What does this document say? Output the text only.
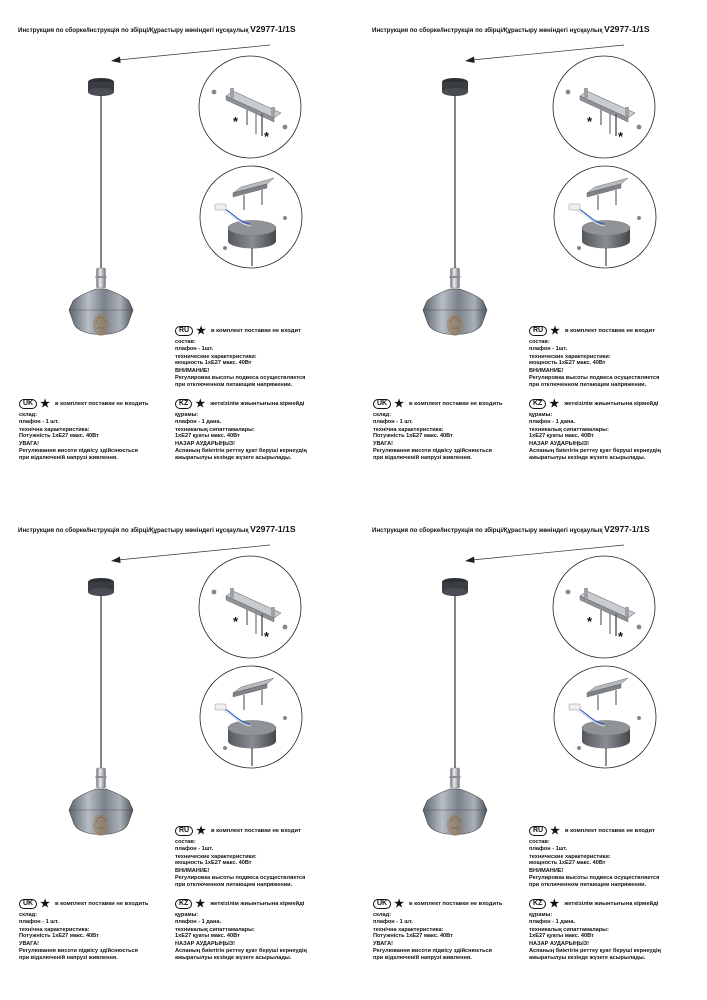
Инструкция по сборке/Інструкція по збірці/Құрастыру жөніндегі нұсқаулық V2977-1/1S
*
*
RU ★ в комплект поставки не входит
состав:
плафон - 1шт.
технические характеристики:
мощность 1хЕ27 макс. 40Вт
ВНИМАНИЕ!
Регулировка высоты подвеса осуществляется
при отключенном питающем напряжении.
UK ★ в комплект поставки не входить
склад:
плафон - 1 шт.
технічна характеристика:
Потужність 1хЕ27 макс. 40Вт
УВАГА!
Регулювання висоти підвісу здійснюється
при відключеній напрузі живлення.
KZ ★ жеткізілім жиынтығына кірмейді
құрамы:
плафон - 1 дана.
техникалық сипаттамалары:
1хЕ27 қуаты макс. 40Вт
НАЗАР АУДАРЫҢЫЗ!
Аспаның биіктігін реттеу қуат беруші кернеудің
ажыратылуы кезінде жүзеге асырылады.
Инструкция по сборке/Інструкція по збірці/Құрастыру жөніндегі нұсқаулық V2977-1/1S
*
*
RU ★ в комплект поставки не входит
состав:
плафон - 1шт.
технические характеристики:
мощность 1хЕ27 макс. 40Вт
ВНИМАНИЕ!
Регулировка высоты подвеса осуществляется
при отключенном питающем напряжении.
UK ★ в комплект поставки не входить
склад:
плафон - 1 шт.
технічна характеристика:
Потужність 1хЕ27 макс. 40Вт
УВАГА!
Регулювання висоти підвісу здійснюється
при відключеній напрузі живлення.
KZ ★ жеткізілім жиынтығына кірмейді
құрамы:
плафон - 1 дана.
техникалық сипаттамалары:
1хЕ27 қуаты макс. 40Вт
НАЗАР АУДАРЫҢЫЗ!
Аспаның биіктігін реттеу қуат беруші кернеудің
ажыратылуы кезінде жүзеге асырылады.
Инструкция по сборке/Інструкція по збірці/Құрастыру жөніндегі нұсқаулық V2977-1/1S
*
*
RU ★ в комплект поставки не входит
состав:
плафон - 1шт.
технические характеристики:
мощность 1хЕ27 макс. 40Вт
ВНИМАНИЕ!
Регулировка высоты подвеса осуществляется
при отключенном питающем напряжении.
UK ★ в комплект поставки не входить
склад:
плафон - 1 шт.
технічна характеристика:
Потужність 1хЕ27 макс. 40Вт
УВАГА!
Регулювання висоти підвісу здійснюється
при відключеній напрузі живлення.
KZ ★ жеткізілім жиынтығына кірмейді
құрамы:
плафон - 1 дана.
техникалық сипаттамалары:
1хЕ27 қуаты макс. 40Вт
НАЗАР АУДАРЫҢЫЗ!
Аспаның биіктігін реттеу қуат беруші кернеудің
ажыратылуы кезінде жүзеге асырылады.
Инструкция по сборке/Інструкція по збірці/Құрастыру жөніндегі нұсқаулық V2977-1/1S
*
*
RU ★ в комплект поставки не входит
состав:
плафон - 1шт.
технические характеристики:
мощность 1хЕ27 макс. 40Вт
ВНИМАНИЕ!
Регулировка высоты подвеса осуществляется
при отключенном питающем напряжении.
UK ★ в комплект поставки не входить
склад:
плафон - 1 шт.
технічна характеристика:
Потужність 1хЕ27 макс. 40Вт
УВАГА!
Регулювання висоти підвісу здійснюється
при відключеній напрузі живлення.
KZ ★ жеткізілім жиынтығына кірмейді
құрамы:
плафон - 1 дана.
техникалық сипаттамалары:
1хЕ27 қуаты макс. 40Вт
НАЗАР АУДАРЫҢЫЗ!
Аспаның биіктігін реттеу қуат беруші кернеудің
ажыратылуы кезінде жүзеге асырылады.
